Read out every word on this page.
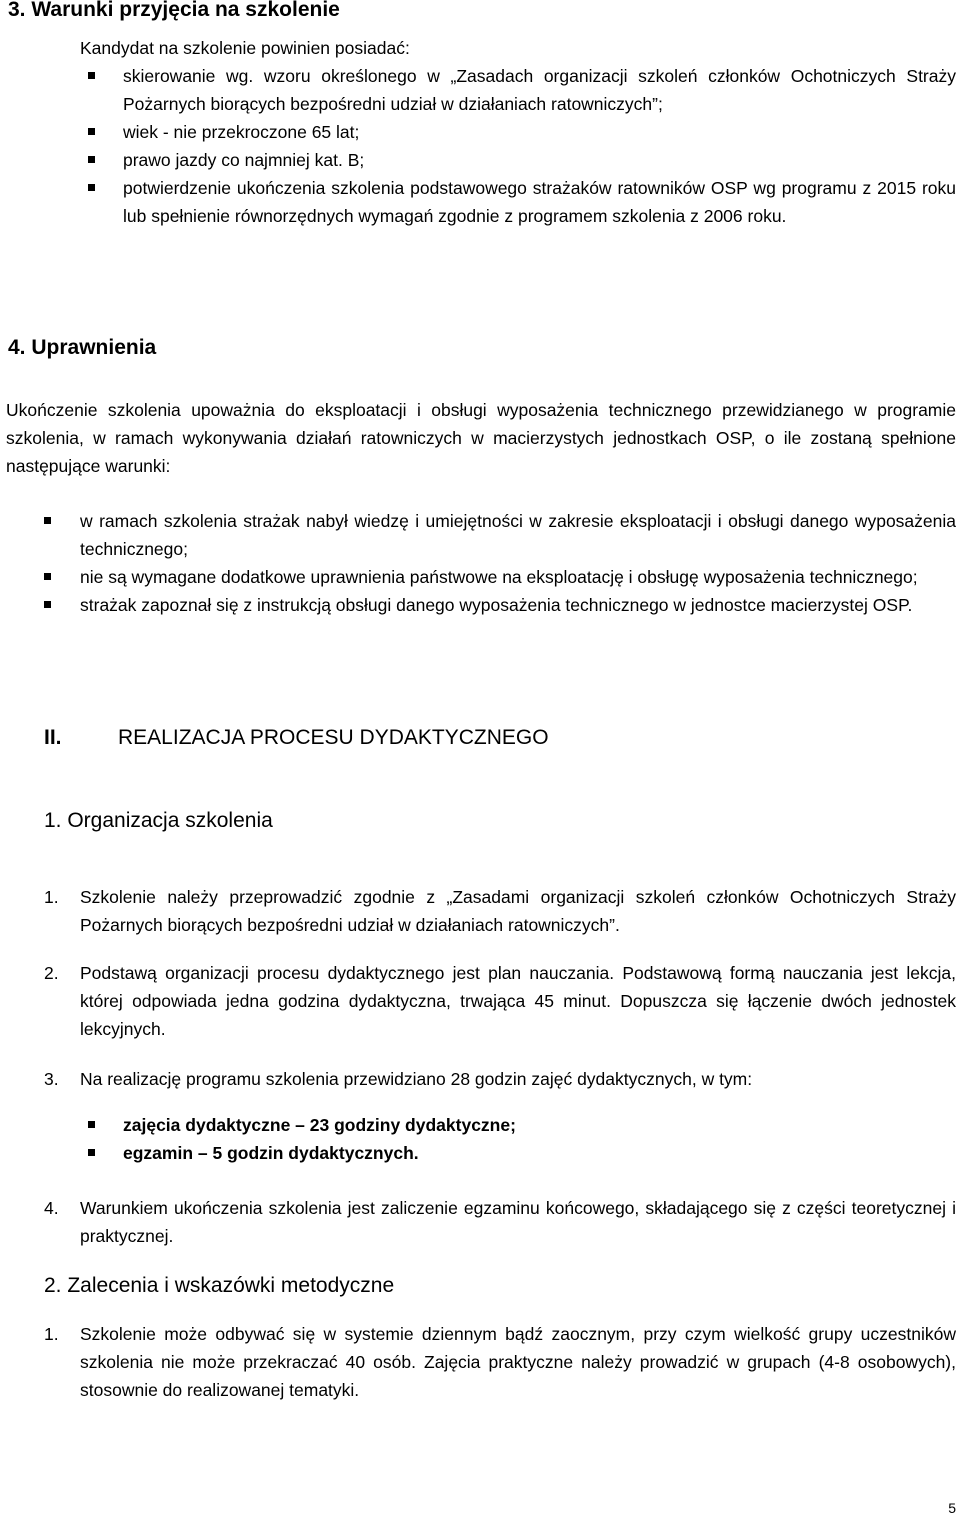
3. Warunki przyjęcia na szkolenie
Kandydat na szkolenie powinien posiadać:
skierowanie wg. wzoru określonego w „Zasadach organizacji szkoleń członków Ochotniczych Straży Pożarnych biorących bezpośredni udział w działaniach ratowniczych”;
wiek - nie przekroczone 65 lat;
prawo jazdy co najmniej kat. B;
potwierdzenie ukończenia szkolenia podstawowego strażaków ratowników OSP wg programu z 2015 roku lub spełnienie równorzędnych wymagań zgodnie z programem szkolenia z 2006 roku.
4. Uprawnienia
Ukończenie szkolenia upoważnia do eksploatacji i obsługi wyposażenia technicznego przewidzianego w programie szkolenia, w ramach wykonywania działań ratowniczych w macierzystych jednostkach OSP, o ile zostaną spełnione następujące warunki:
w ramach szkolenia strażak nabył wiedzę i umiejętności w zakresie eksploatacji i obsługi danego wyposażenia technicznego;
nie są wymagane dodatkowe uprawnienia państwowe na eksploatację i obsługę wyposażenia technicznego;
strażak zapoznał się z instrukcją obsługi danego wyposażenia technicznego w jednostce macierzystej OSP.
II.	REALIZACJA PROCESU DYDAKTYCZNEGO
1. Organizacja szkolenia
1. Szkolenie należy przeprowadzić zgodnie z „Zasadami organizacji szkoleń członków Ochotniczych Straży Pożarnych biorących bezpośredni udział w działaniach ratowniczych”.
2. Podstawą organizacji procesu dydaktycznego jest plan nauczania. Podstawową formą nauczania jest lekcja, której odpowiada jedna godzina dydaktyczna, trwająca 45 minut. Dopuszcza się łączenie dwóch jednostek lekcyjnych.
3. Na realizację programu szkolenia przewidziano 28 godzin zajęć dydaktycznych, w tym:
zajęcia dydaktyczne – 23 godziny dydaktyczne;
egzamin – 5 godzin dydaktycznych.
4. Warunkiem ukończenia szkolenia jest zaliczenie egzaminu końcowego, składającego się z części teoretycznej i praktycznej.
2. Zalecenia i wskazówki metodyczne
1. Szkolenie może odbywać się w systemie dziennym bądź zaocznym, przy czym wielkość grupy uczestników szkolenia nie może przekraczać 40 osób. Zajęcia praktyczne należy prowadzić w grupach (4-8 osobowych), stosownie do realizowanej tematyki.
5
